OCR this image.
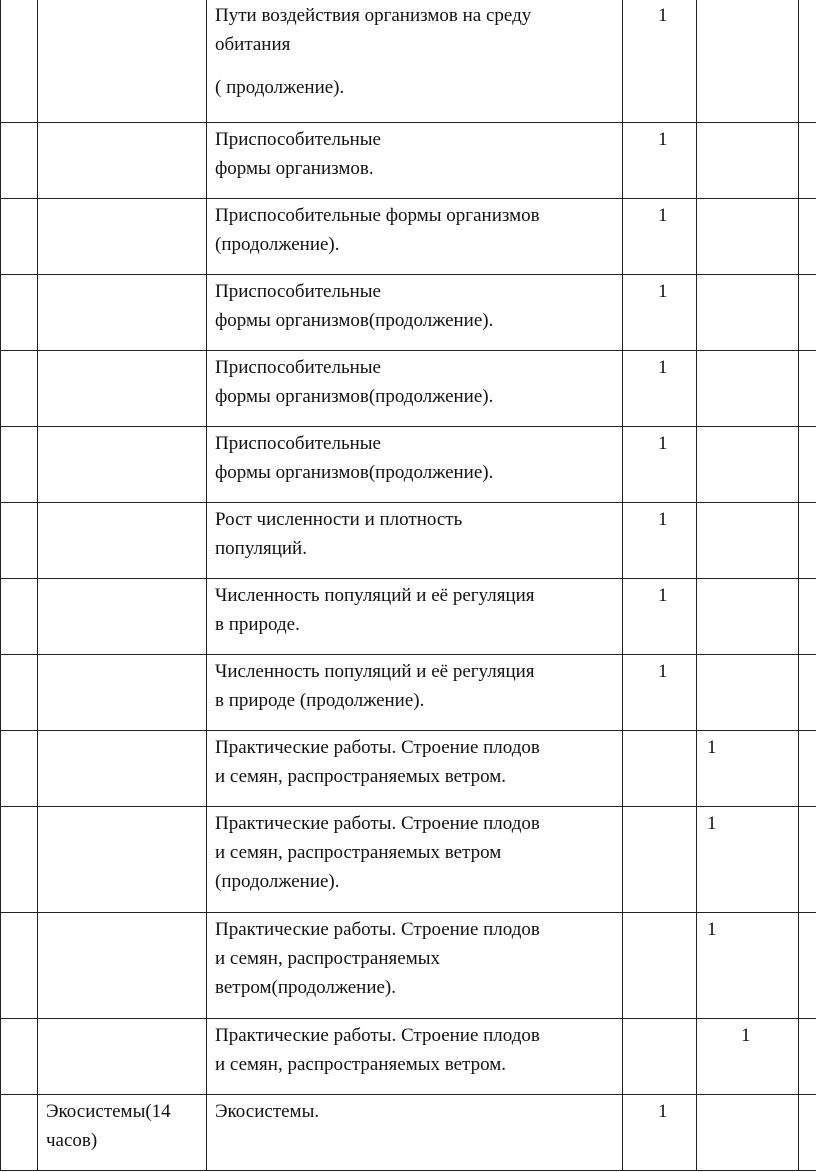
		Пути воздействия организмов на среду
обитания
( продолжение).	1		

		Приспособительные
формы организмов.	1		

		Приспособительные формы организмов
(продолжение).	1		

		Приспособительные
формы организмов(продолжение).	1		

		Приспособительные
формы организмов(продолжение).	1		

		Приспособительные
формы организмов(продолжение).	1		

		Рост численности и плотность
популяций.	1		

		Численность популяций и её регуляция
в природе.	1		

		Численность популяций и её регуляция
в природе (продолжение).	1		

		Практические работы. Строение плодов
и семян, распространяемых ветром.		1	

		Практические работы. Строение плодов
и семян, распространяемых ветром
(продолжение).		1	

		Практические работы. Строение плодов
и семян, распространяемых
ветром(продолжение).		1	

		Практические работы. Строение плодов
и семян, распространяемых ветром.		1	

	Экосистемы(14
часов)	Экосистемы.	1		
